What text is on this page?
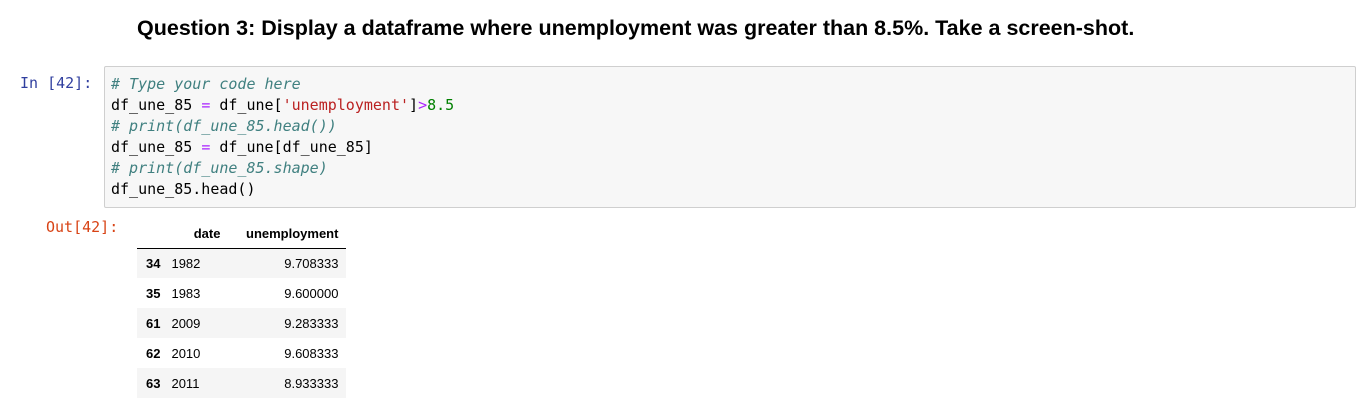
Question 3: Display a dataframe where unemployment was greater than 8.5%. Take a screen-shot.
In [42]: # Type your code here
df_une_85 = df_une['unemployment']>8.5
# print(df_une_85.head())
df_une_85 = df_une[df_une_85]
# print(df_une_85.shape)
df_une_85.head()
Out[42]:
		date	unemployment
34	1982	9.708333
35	1983	9.600000
61	2009	9.283333
62	2010	9.608333
63	2011	8.933333
